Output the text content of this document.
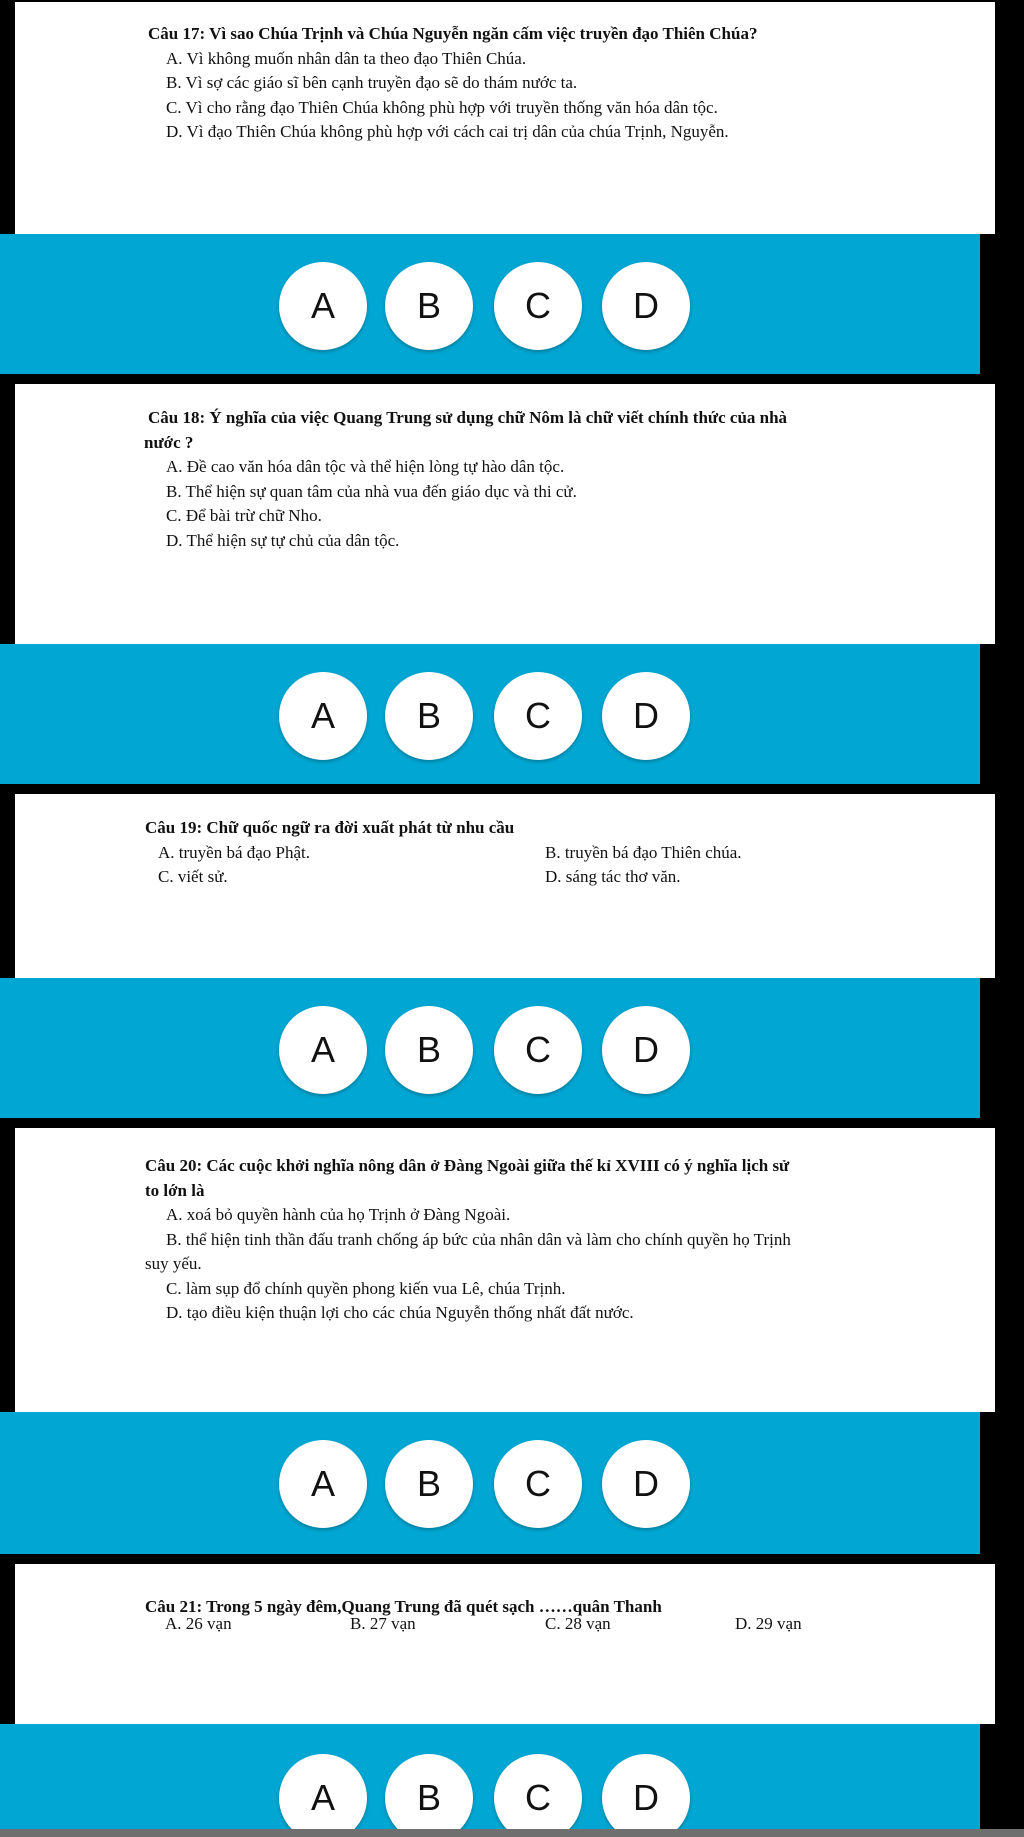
Câu 17: Vì sao Chúa Trịnh và Chúa Nguyễn ngăn cấm việc truyền đạo Thiên Chúa?
A. Vì không muốn nhân dân ta theo đạo Thiên Chúa.
B. Vì sợ các giáo sĩ bên cạnh truyền đạo sẽ do thám nước ta.
C. Vì cho rằng đạo Thiên Chúa không phù hợp với truyền thống văn hóa dân tộc.
D. Vì đạo Thiên Chúa không phù hợp với cách cai trị dân của chúa Trịnh, Nguyễn.
A	B	C	D
Câu 18: Ý nghĩa của việc Quang Trung sử dụng chữ Nôm là chữ viết chính thức của nhà
nước ?
A. Đề cao văn hóa dân tộc và thể hiện lòng tự hào dân tộc.
B. Thể hiện sự quan tâm của nhà vua đến giáo dục và thi cử.
C. Để bài trừ chữ Nho.
D. Thể hiện sự tự chủ của dân tộc.
A	B	C	D
Câu 19: Chữ quốc ngữ ra đời xuất phát từ nhu cầu
A. truyền bá đạo Phật.	B. truyền bá đạo Thiên chúa.
C. viết sử.	D. sáng tác thơ văn.
A	B	C	D
Câu 20: Các cuộc khởi nghĩa nông dân ở Đàng Ngoài giữa thế kỉ XVIII có ý nghĩa lịch sử
to lớn là
A. xoá bỏ quyền hành của họ Trịnh ở Đàng Ngoài.
B. thể hiện tinh thần đấu tranh chống áp bức của nhân dân và làm cho chính quyền họ Trịnh
suy yếu.
C. làm sụp đổ chính quyền phong kiến vua Lê, chúa Trịnh.
D. tạo điều kiện thuận lợi cho các chúa Nguyễn thống nhất đất nước.
A	B	C	D
Câu 21: Trong 5 ngày đêm,Quang Trung đã quét sạch ……quân Thanh
A. 26 vạn	B. 27 vạn	C. 28 vạn	D. 29 vạn
A	B	C	D
